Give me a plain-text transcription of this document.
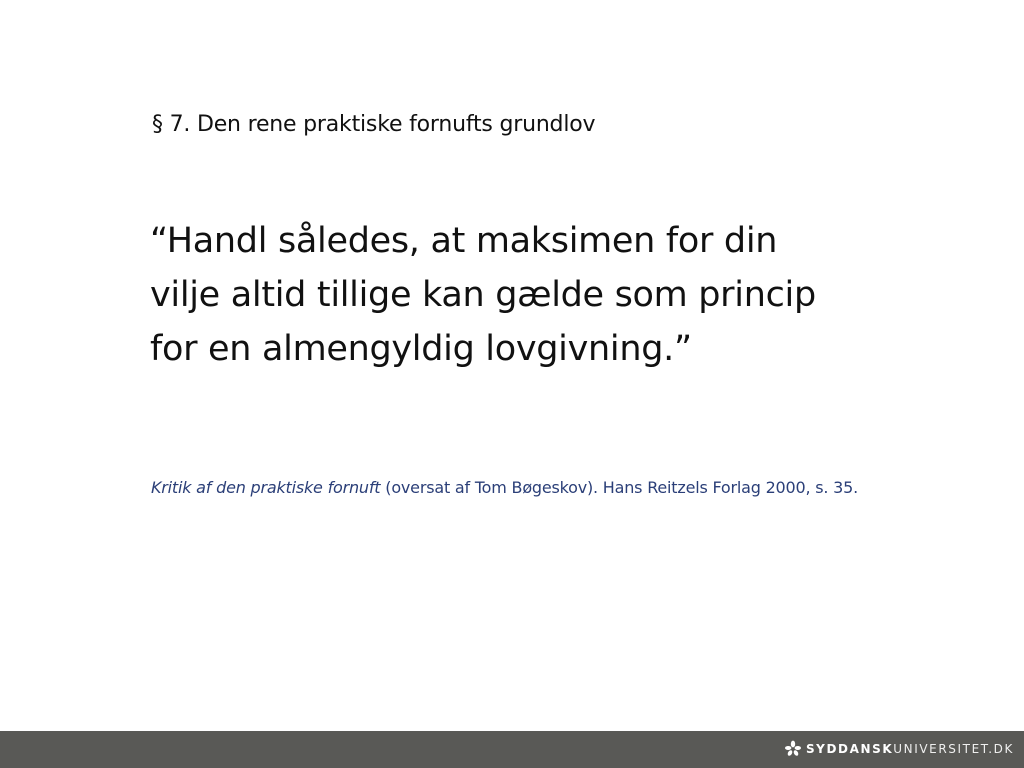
§ 7. Den rene praktiske fornufts grundlov
“Handl således, at maksimen for din
vilje altid tillige kan gælde som princip
for en almengyldig lovgivning.”
Kritik af den praktiske fornuft (oversat af Tom Bøgeskov). Hans Reitzels Forlag 2000, s. 35.
SYDDANSKUNIVERSITET.DK
